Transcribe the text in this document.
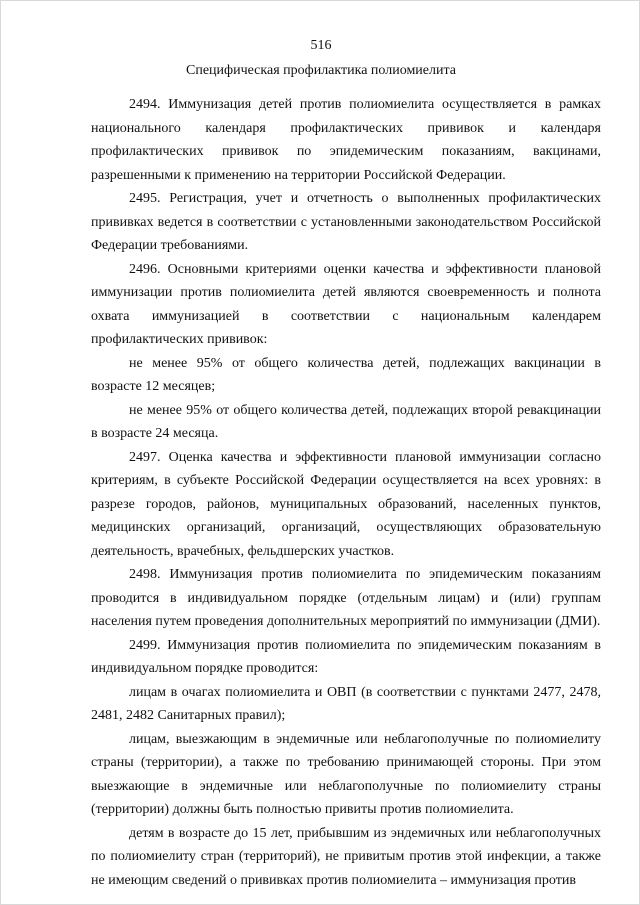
516
Специфическая профилактика полиомиелита

2494. Иммунизация детей против полиомиелита осуществляется в рамках национального календаря профилактических прививок и календаря профилактических прививок по эпидемическим показаниям, вакцинами, разрешенными к применению на территории Российской Федерации.

2495. Регистрация, учет и отчетность о выполненных профилактических прививках ведется в соответствии с установленными законодательством Российской Федерации требованиями.

2496. Основными критериями оценки качества и эффективности плановой иммунизации против полиомиелита детей являются своевременность и полнота охвата иммунизацией в соответствии с национальным календарем профилактических прививок:

не менее 95% от общего количества детей, подлежащих вакцинации в возрасте 12 месяцев;

не менее 95% от общего количества детей, подлежащих второй ревакцинации в возрасте 24 месяца.

2497. Оценка качества и эффективности плановой иммунизации согласно критериям, в субъекте Российской Федерации осуществляется на всех уровнях: в разрезе городов, районов, муниципальных образований, населенных пунктов, медицинских организаций, организаций, осуществляющих образовательную деятельность, врачебных, фельдшерских участков.

2498. Иммунизация против полиомиелита по эпидемическим показаниям проводится в индивидуальном порядке (отдельным лицам) и (или) группам населения путем проведения дополнительных мероприятий по иммунизации (ДМИ).

2499. Иммунизация против полиомиелита по эпидемическим показаниям в индивидуальном порядке проводится:

лицам в очагах полиомиелита и ОВП (в соответствии с пунктами 2477, 2478, 2481, 2482 Санитарных правил);

лицам, выезжающим в эндемичные или неблагополучные по полиомиелиту страны (территории), а также по требованию принимающей стороны. При этом выезжающие в эндемичные или неблагополучные по полиомиелиту страны (территории) должны быть полностью привиты против полиомиелита.

детям в возрасте до 15 лет, прибывшим из эндемичных или неблагополучных по полиомиелиту стран (территорий), не привитым против этой инфекции, а также не имеющим сведений о прививках против полиомиелита – иммунизация против
